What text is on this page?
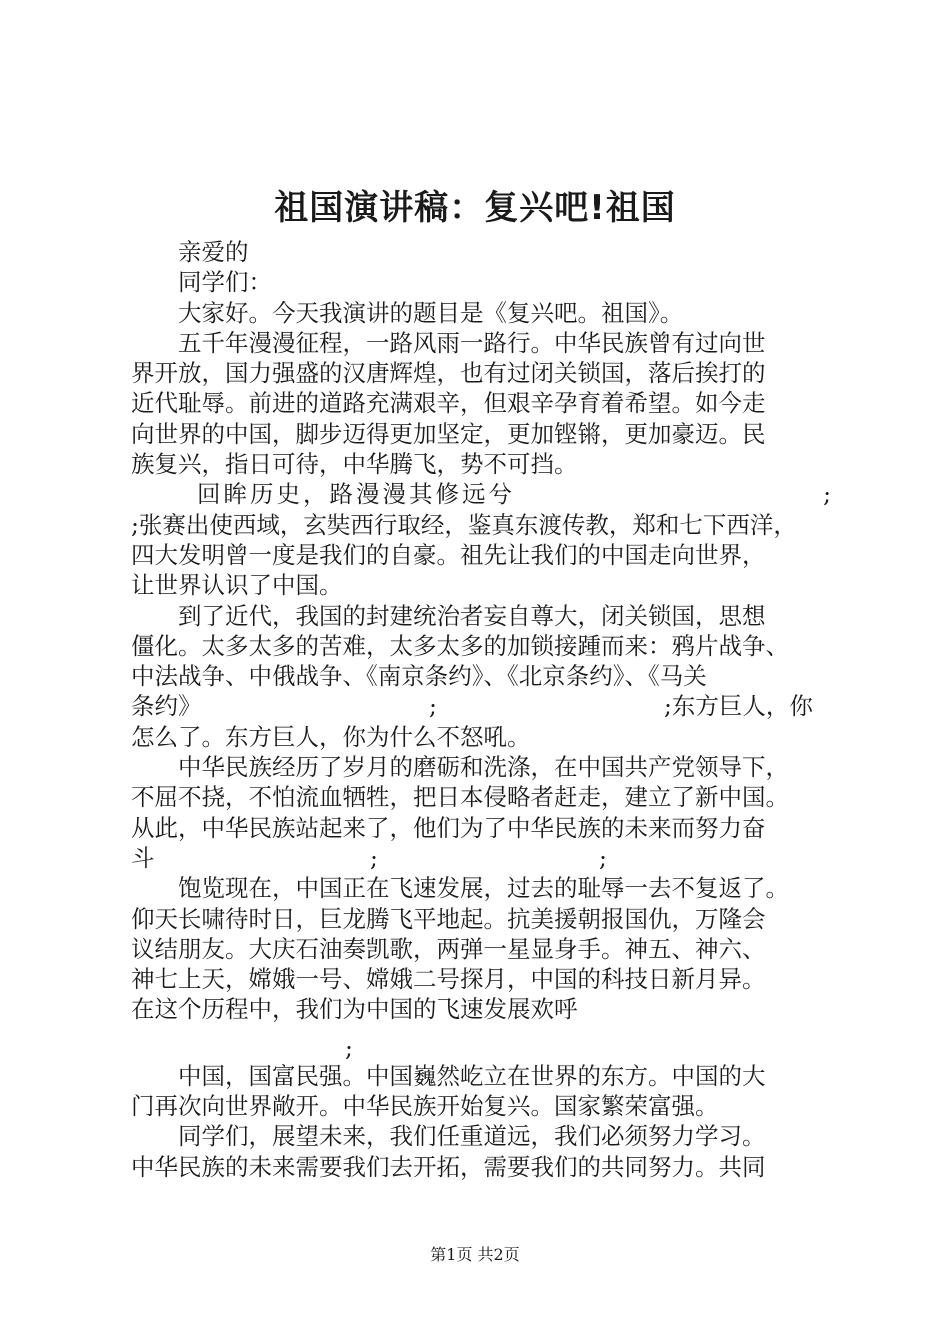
祖国演讲稿：复兴吧!祖国
亲爱的
同学们：
大家好。今天我演讲的题目是《复兴吧。祖国》。
五千年漫漫征程，一路风雨一路行。中华民族曾有过向世
界开放，国力强盛的汉唐辉煌，也有过闭关锁国，落后挨打的
近代耻辱。前进的道路充满艰辛，但艰辛孕育着希望。如今走
向世界的中国，脚步迈得更加坚定，更加铿锵，更加豪迈。民
族复兴，指日可待，中华腾飞，势不可挡。
回眸历史，路漫漫其修远兮	;
;张赛出使西域，玄奘西行取经，鉴真东渡传教，郑和七下西洋，
四大发明曾一度是我们的自豪。祖先让我们的中国走向世界，
让世界认识了中国。
到了近代，我国的封建统治者妄自尊大，闭关锁国，思想
僵化。太多太多的苦难，太多太多的加锁接踵而来：鸦片战争、
中法战争、中俄战争、《南京条约》、《北京条约》、《马关
条约》	;	;东方巨人，你
怎么了。东方巨人，你为什么不怒吼。
中华民族经历了岁月的磨砺和洗涤，在中国共产党领导下，
不屈不挠，不怕流血牺牲，把日本侵略者赶走，建立了新中国。
从此，中华民族站起来了，他们为了中华民族的未来而努力奋
斗	;	;
饱览现在，中国正在飞速发展，过去的耻辱一去不复返了。
仰天长啸待时日，巨龙腾飞平地起。抗美援朝报国仇，万隆会
议结朋友。大庆石油奏凯歌，两弹一星显身手。神五、神六、
神七上天，嫦娥一号、嫦娥二号探月，中国的科技日新月异。
在这个历程中，我们为中国的飞速发展欢呼
;
中国，国富民强。中国巍然屹立在世界的东方。中国的大
门再次向世界敞开。中华民族开始复兴。国家繁荣富强。
同学们，展望未来，我们任重道远，我们必须努力学习。
中华民族的未来需要我们去开拓，需要我们的共同努力。共同
第1页 共2页
